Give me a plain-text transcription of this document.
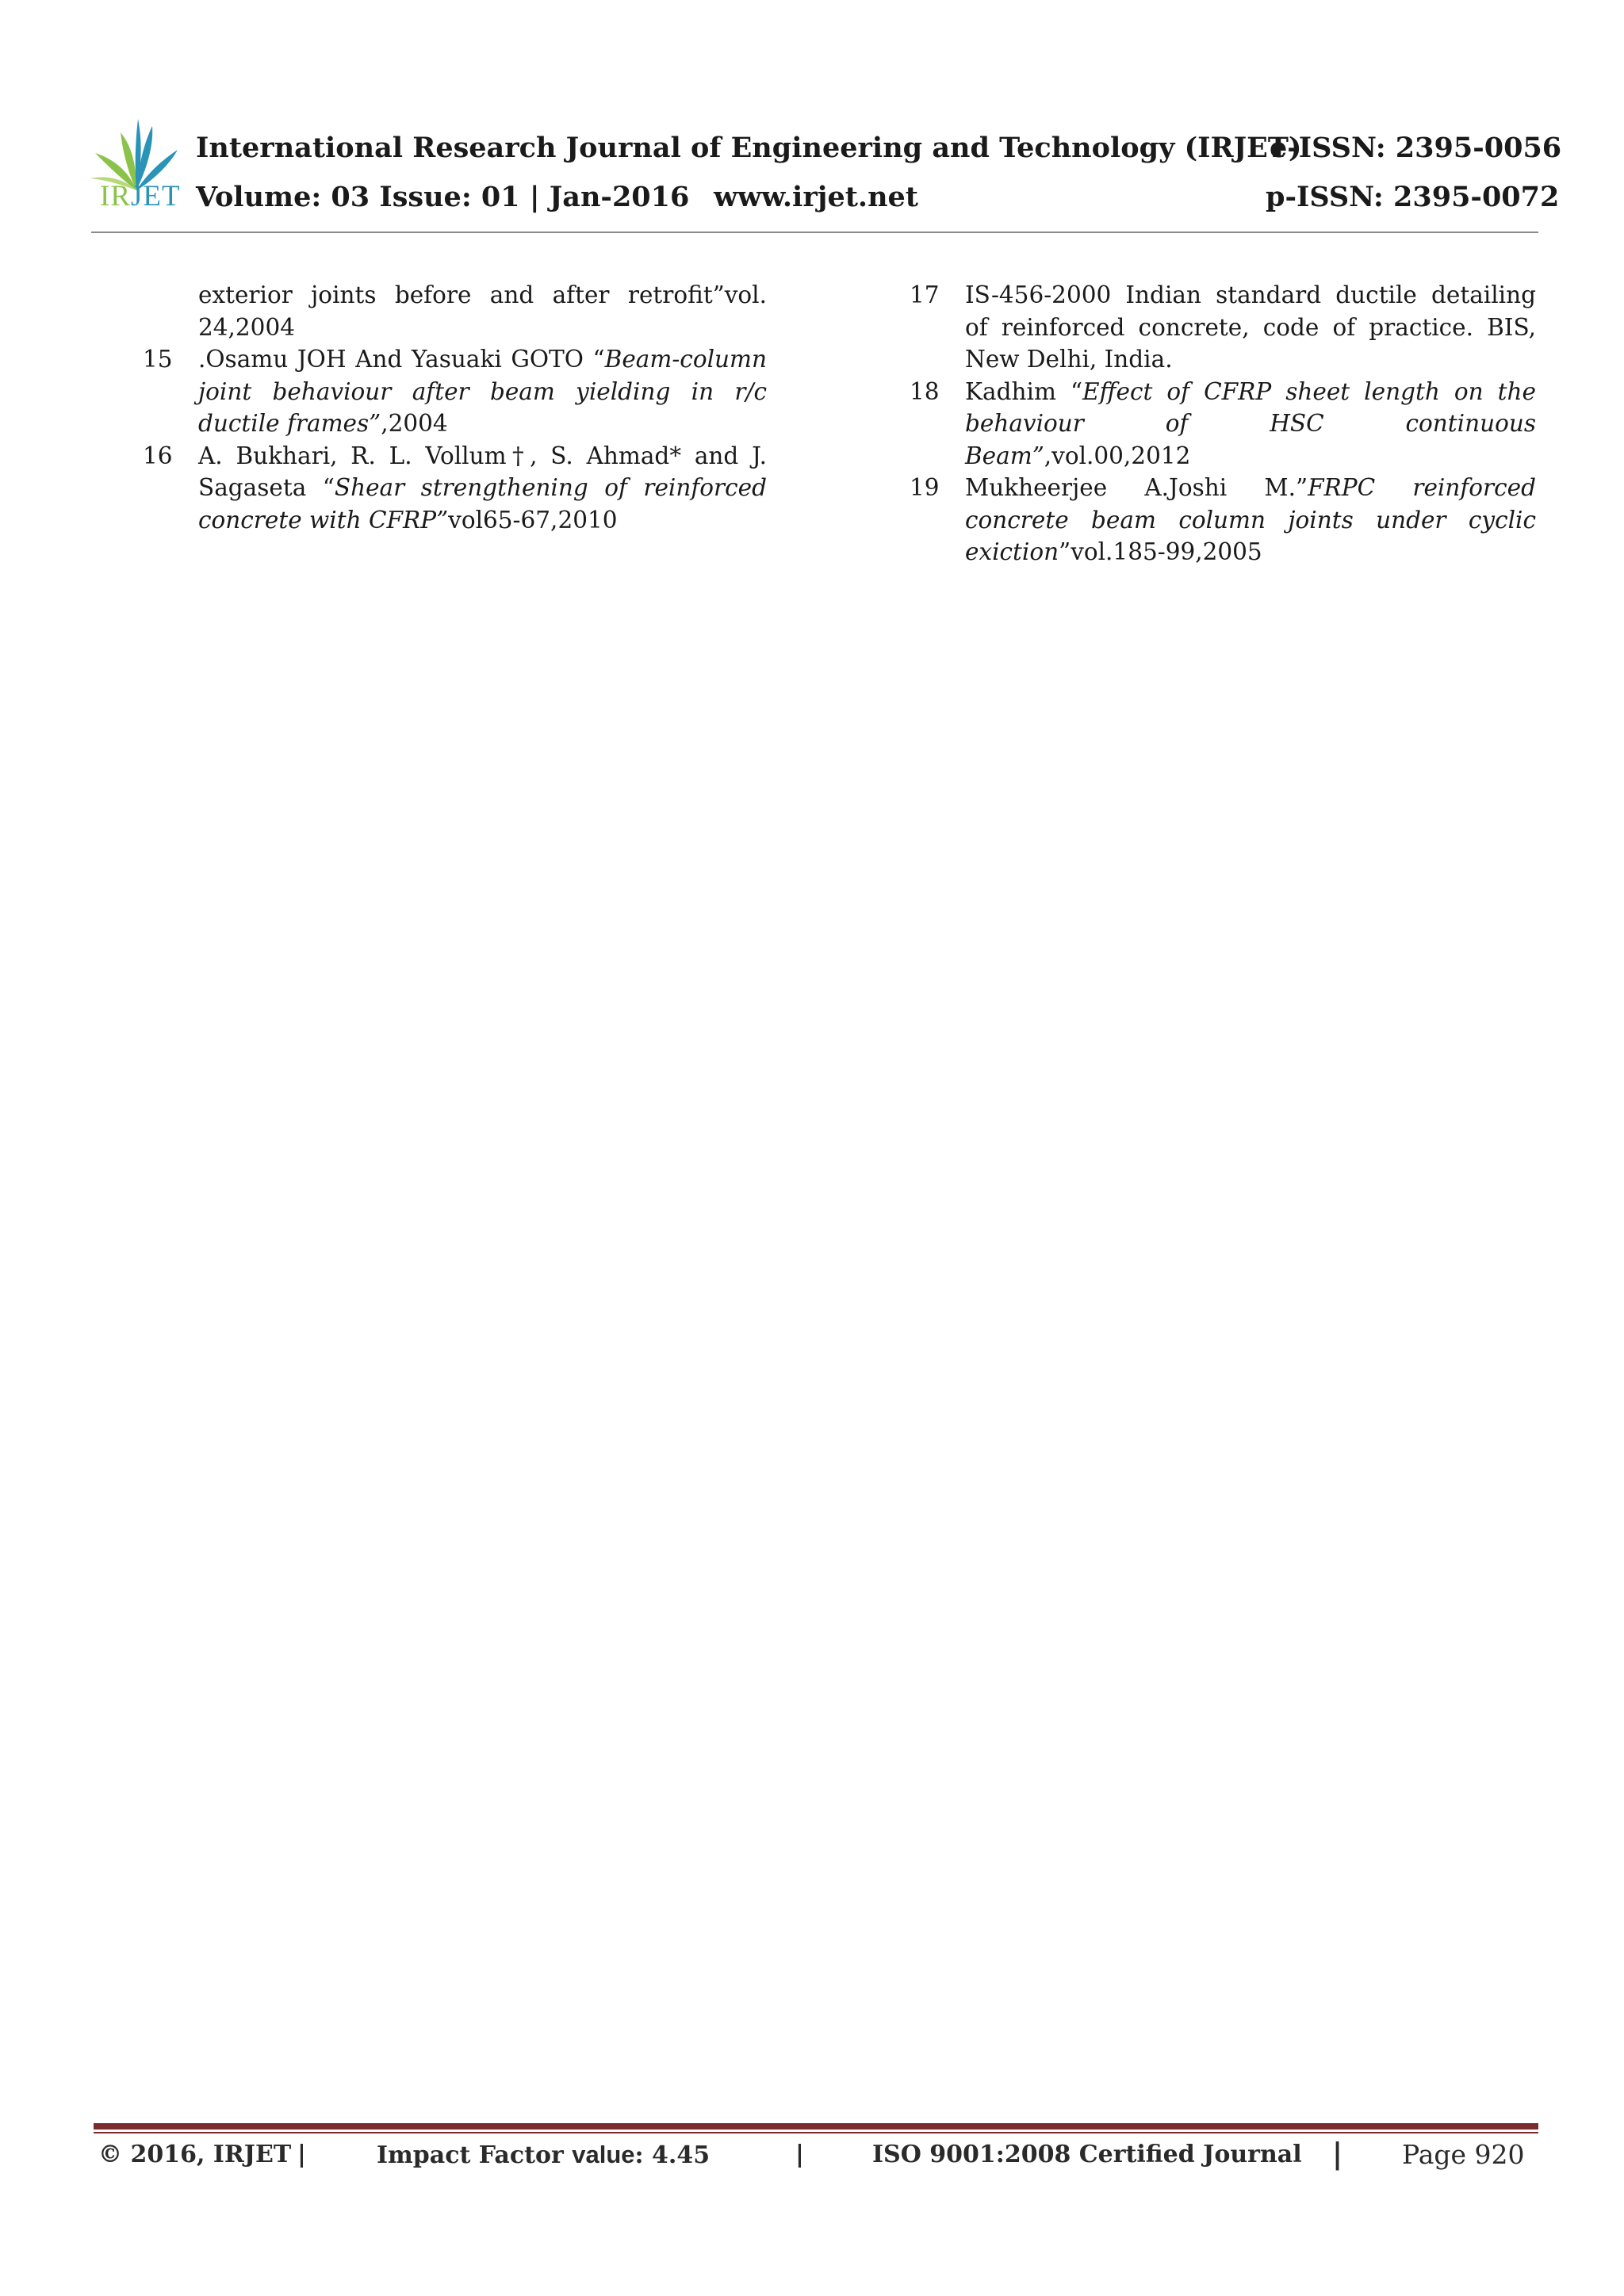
IRJET
International Research Journal of Engineering and Technology (IRJET)
e-ISSN: 2395-0056
Volume: 03 Issue: 01 | Jan-2016 www.irjet.net	p-ISSN: 2395-0072
exterior joints before and after retrofit”vol.
24,2004
15	.Osamu JOH And Yasuaki GOTO “Beam-column joint behaviour after beam yielding in r/c ductile frames”,2004
16	A. Bukhari, R. L. Vollum†, S. Ahmad* and J. Sagaseta “Shear strengthening of reinforced concrete with CFRP”vol65-67,2010
17	IS-456-2000 Indian standard ductile detailing of reinforced concrete, code of practice. BIS, New Delhi, India.
18	Kadhim “Effect of CFRP sheet length on the behaviour of HSC continuous Beam”,vol.00,2012
19	Mukheerjee A.Joshi M.”FRPC reinforced concrete beam column joints under cyclic exiction”vol.185-99,2005
© 2016, IRJET |	Impact Factor value: 4.45	|	ISO 9001:2008 Certified Journal | Page 920
